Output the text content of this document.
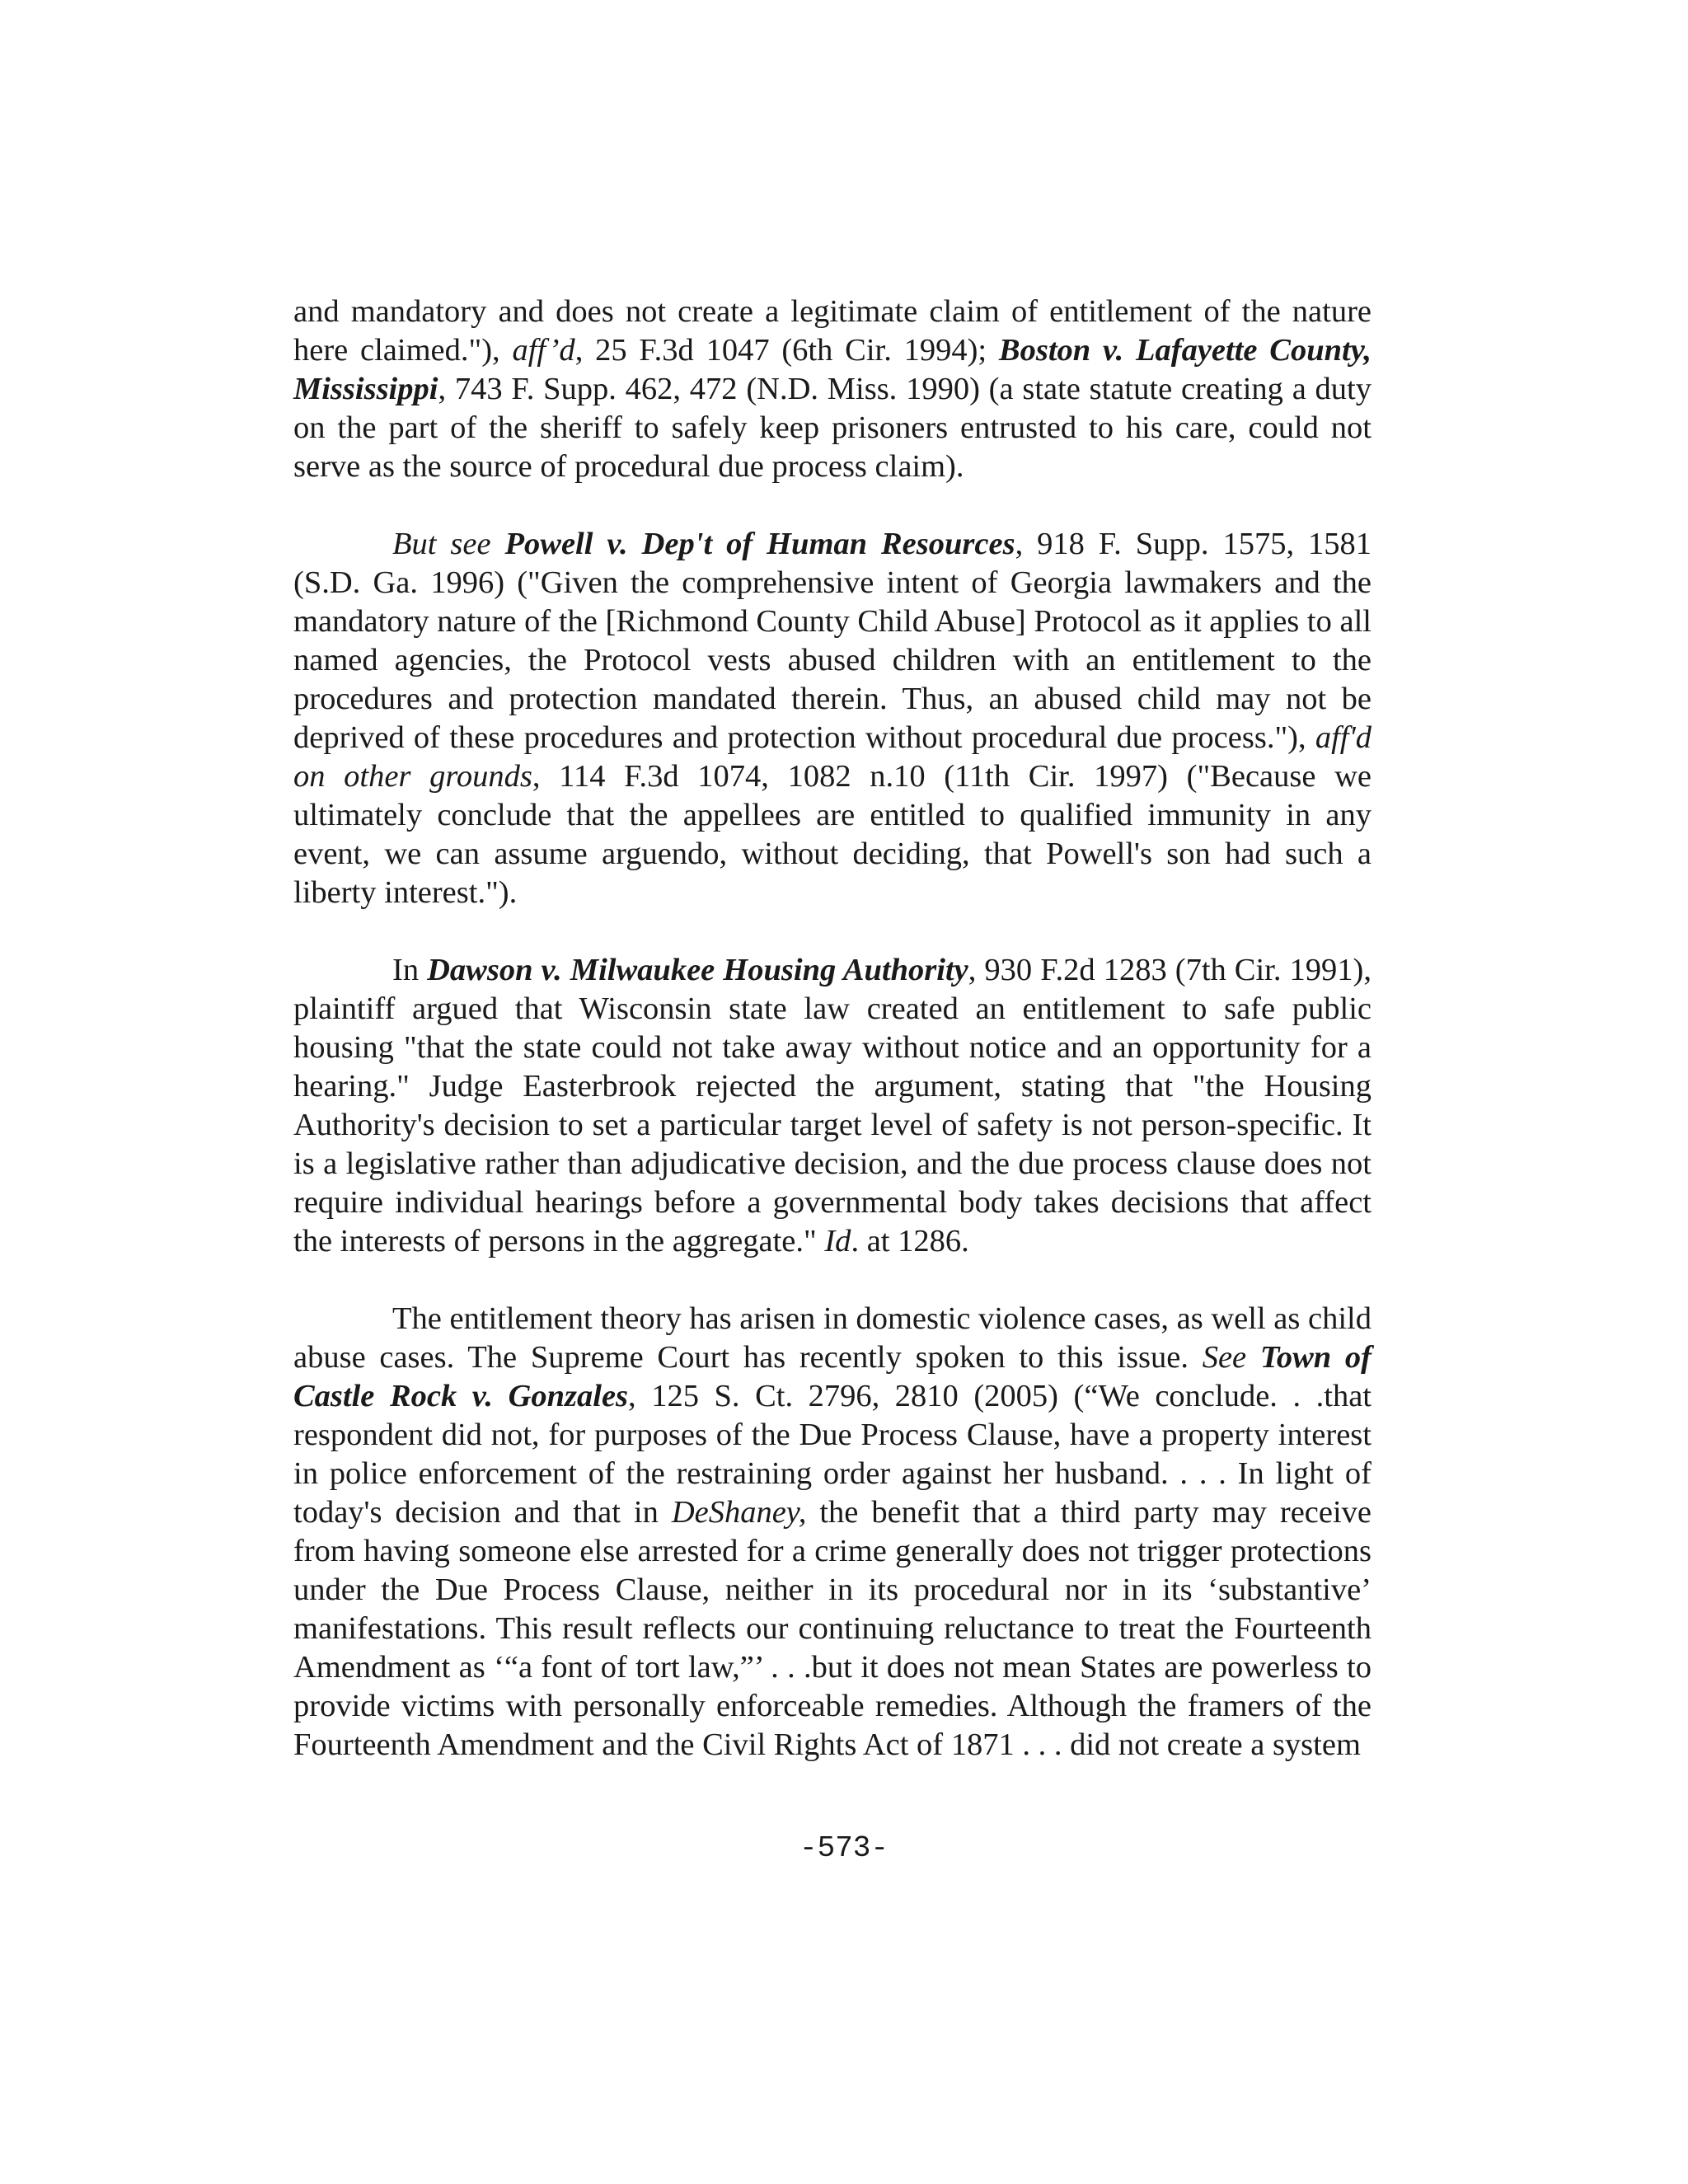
and mandatory and does not create a legitimate claim of entitlement of the nature here claimed."), aff’d, 25 F.3d 1047 (6th Cir. 1994); Boston v. Lafayette County, Mississippi, 743 F. Supp. 462, 472 (N.D. Miss. 1990) (a state statute creating a duty on the part of the sheriff to safely keep prisoners entrusted to his care, could not serve as the source of procedural due process claim).

But see Powell v. Dep't of Human Resources, 918 F. Supp. 1575, 1581 (S.D. Ga. 1996) ("Given the comprehensive intent of Georgia lawmakers and the mandatory nature of the [Richmond County Child Abuse] Protocol as it applies to all named agencies, the Protocol vests abused children with an entitlement to the procedures and protection mandated therein. Thus, an abused child may not be deprived of these procedures and protection without procedural due process."), aff'd on other grounds, 114 F.3d 1074, 1082 n.10 (11th Cir. 1997) ("Because we ultimately conclude that the appellees are entitled to qualified immunity in any event, we can assume arguendo, without deciding, that Powell's son had such a liberty interest.").

In Dawson v. Milwaukee Housing Authority, 930 F.2d 1283 (7th Cir. 1991), plaintiff argued that Wisconsin state law created an entitlement to safe public housing "that the state could not take away without notice and an opportunity for a hearing." Judge Easterbrook rejected the argument, stating that "the Housing Authority's decision to set a particular target level of safety is not person-specific. It is a legislative rather than adjudicative decision, and the due process clause does not require individual hearings before a governmental body takes decisions that affect the interests of persons in the aggregate." Id. at 1286.

The entitlement theory has arisen in domestic violence cases, as well as child abuse cases. The Supreme Court has recently spoken to this issue. See Town of Castle Rock v. Gonzales, 125 S. Ct. 2796, 2810 (2005) (“We conclude. . .that respondent did not, for purposes of the Due Process Clause, have a property interest in police enforcement of the restraining order against her husband. . . . In light of today's decision and that in DeShaney, the benefit that a third party may receive from having someone else arrested for a crime generally does not trigger protections under the Due Process Clause, neither in its procedural nor in its ‘substantive’ manifestations. This result reflects our continuing reluctance to treat the Fourteenth Amendment as ‘“a font of tort law,”’ . . .but it does not mean States are powerless to provide victims with personally enforceable remedies. Although the framers of the Fourteenth Amendment and the Civil Rights Act of 1871 . . . did not create a system

-573-
